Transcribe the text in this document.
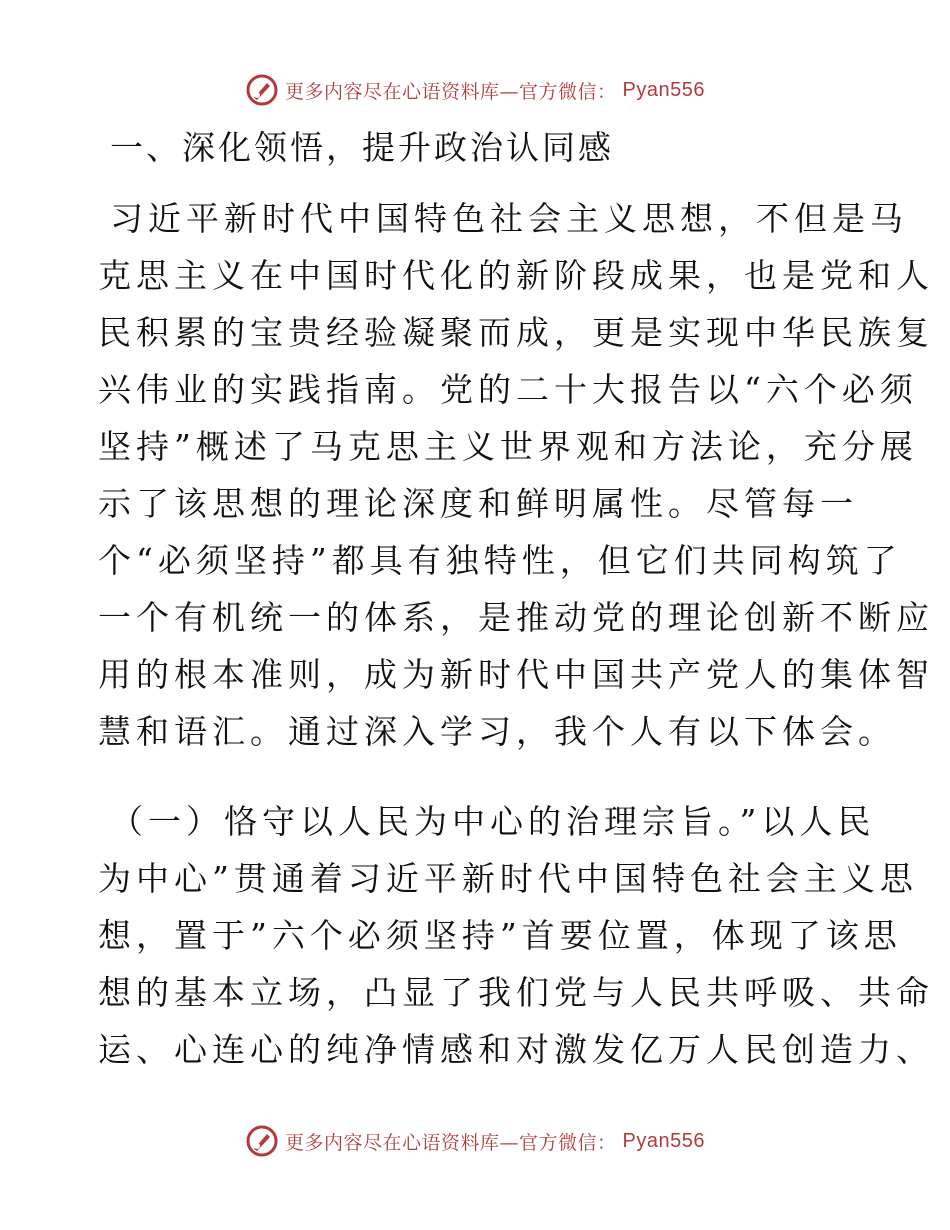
更多内容尽在心语资料库—官方微信： Pyan556
一、深化领悟，提升政治认同感
习近平新时代中国特色社会主义思想，不但是马
克思主义在中国时代化的新阶段成果，也是党和人
民积累的宝贵经验凝聚而成，更是实现中华民族复
兴伟业的实践指南。党的二十大报告以“六个必须
坚持”概述了马克思主义世界观和方法论，充分展
示了该思想的理论深度和鲜明属性。尽管每一
个“必须坚持”都具有独特性，但它们共同构筑了
一个有机统一的体系，是推动党的理论创新不断应
用的根本准则，成为新时代中国共产党人的集体智
慧和语汇。通过深入学习，我个人有以下体会。
（一）恪守以人民为中心的治理宗旨。”以人民
为中心”贯通着习近平新时代中国特色社会主义思
想，置于”六个必须坚持”首要位置，体现了该思
想的基本立场，凸显了我们党与人民共呼吸、共命
运、心连心的纯净情感和对激发亿万人民创造力、
更多内容尽在心语资料库—官方微信： Pyan556
